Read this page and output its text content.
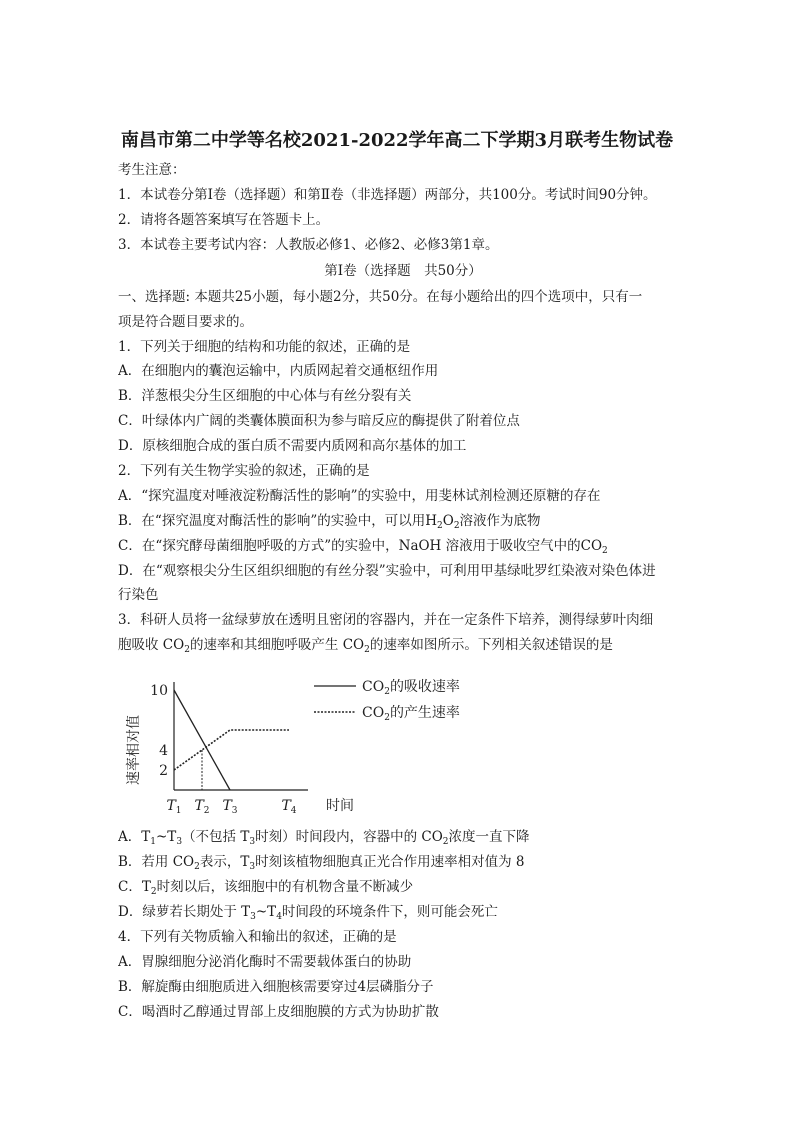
南昌市第二中学等名校2021-2022学年高二下学期3月联考生物试卷
考生注意：
1．本试卷分第Ⅰ卷（选择题）和第Ⅱ卷（非选择题）两部分，共100分。考试时间90分钟。
2．请将各题答案填写在答题卡上。
3．本试卷主要考试内容：人教版必修1、必修2、必修3第1章。
第Ⅰ卷（选择题　共50分）
一、选择题: 本题共25小题，每小题2分，共50分。在每小题给出的四个选项中，只有一
项是符合题目要求的。
1．下列关于细胞的结构和功能的叙述，正确的是
A．在细胞内的囊泡运输中，内质网起着交通枢纽作用
B．洋葱根尖分生区细胞的中心体与有丝分裂有关
C．叶绿体内广阔的类囊体膜面积为参与暗反应的酶提供了附着位点
D．原核细胞合成的蛋白质不需要内质网和高尔基体的加工
2．下列有关生物学实验的叙述，正确的是
A．“探究温度对唾液淀粉酶活性的影响”的实验中，用斐林试剂检测还原糖的存在
B．在“探究温度对酶活性的影响”的实验中，可以用$H_2O_2$溶液作为底物
C．在“探究酵母菌细胞呼吸的方式”的实验中，NaOH 溶液用于吸收空气中的$CO_2$
D．在“观察根尖分生区组织细胞的有丝分裂”实验中，可利用甲基绿吡罗红染液对染色体进
行染色
3．科研人员将一盆绿萝放在透明且密闭的容器内，并在一定条件下培养，测得绿萝叶肉细
胞吸收 $CO_2$的速率和其细胞呼吸产生 $CO_2$的速率如图所示。下列相关叙述错误的是
速率相对值
10
4
2
$T_1$ $T_2$ $T_3$	$T_4$ 时间
$CO_2$的吸收速率
$CO_2$的产生速率
A．$T_1\sim T_3$（不包括 $T_3$时刻）时间段内，容器中的 $CO_2$浓度一直下降
B．若用 $CO_2$表示，$T_3$时刻该植物细胞真正光合作用速率相对值为 8
C．$T_2$时刻以后，该细胞中的有机物含量不断减少
D．绿萝若长期处于 $T_3\sim T_4$时间段的环境条件下，则可能会死亡
4．下列有关物质输入和输出的叙述，正确的是
A．胃腺细胞分泌消化酶时不需要载体蛋白的协助
B．解旋酶由细胞质进入细胞核需要穿过4层磷脂分子
C．喝酒时乙醇通过胃部上皮细胞膜的方式为协助扩散
